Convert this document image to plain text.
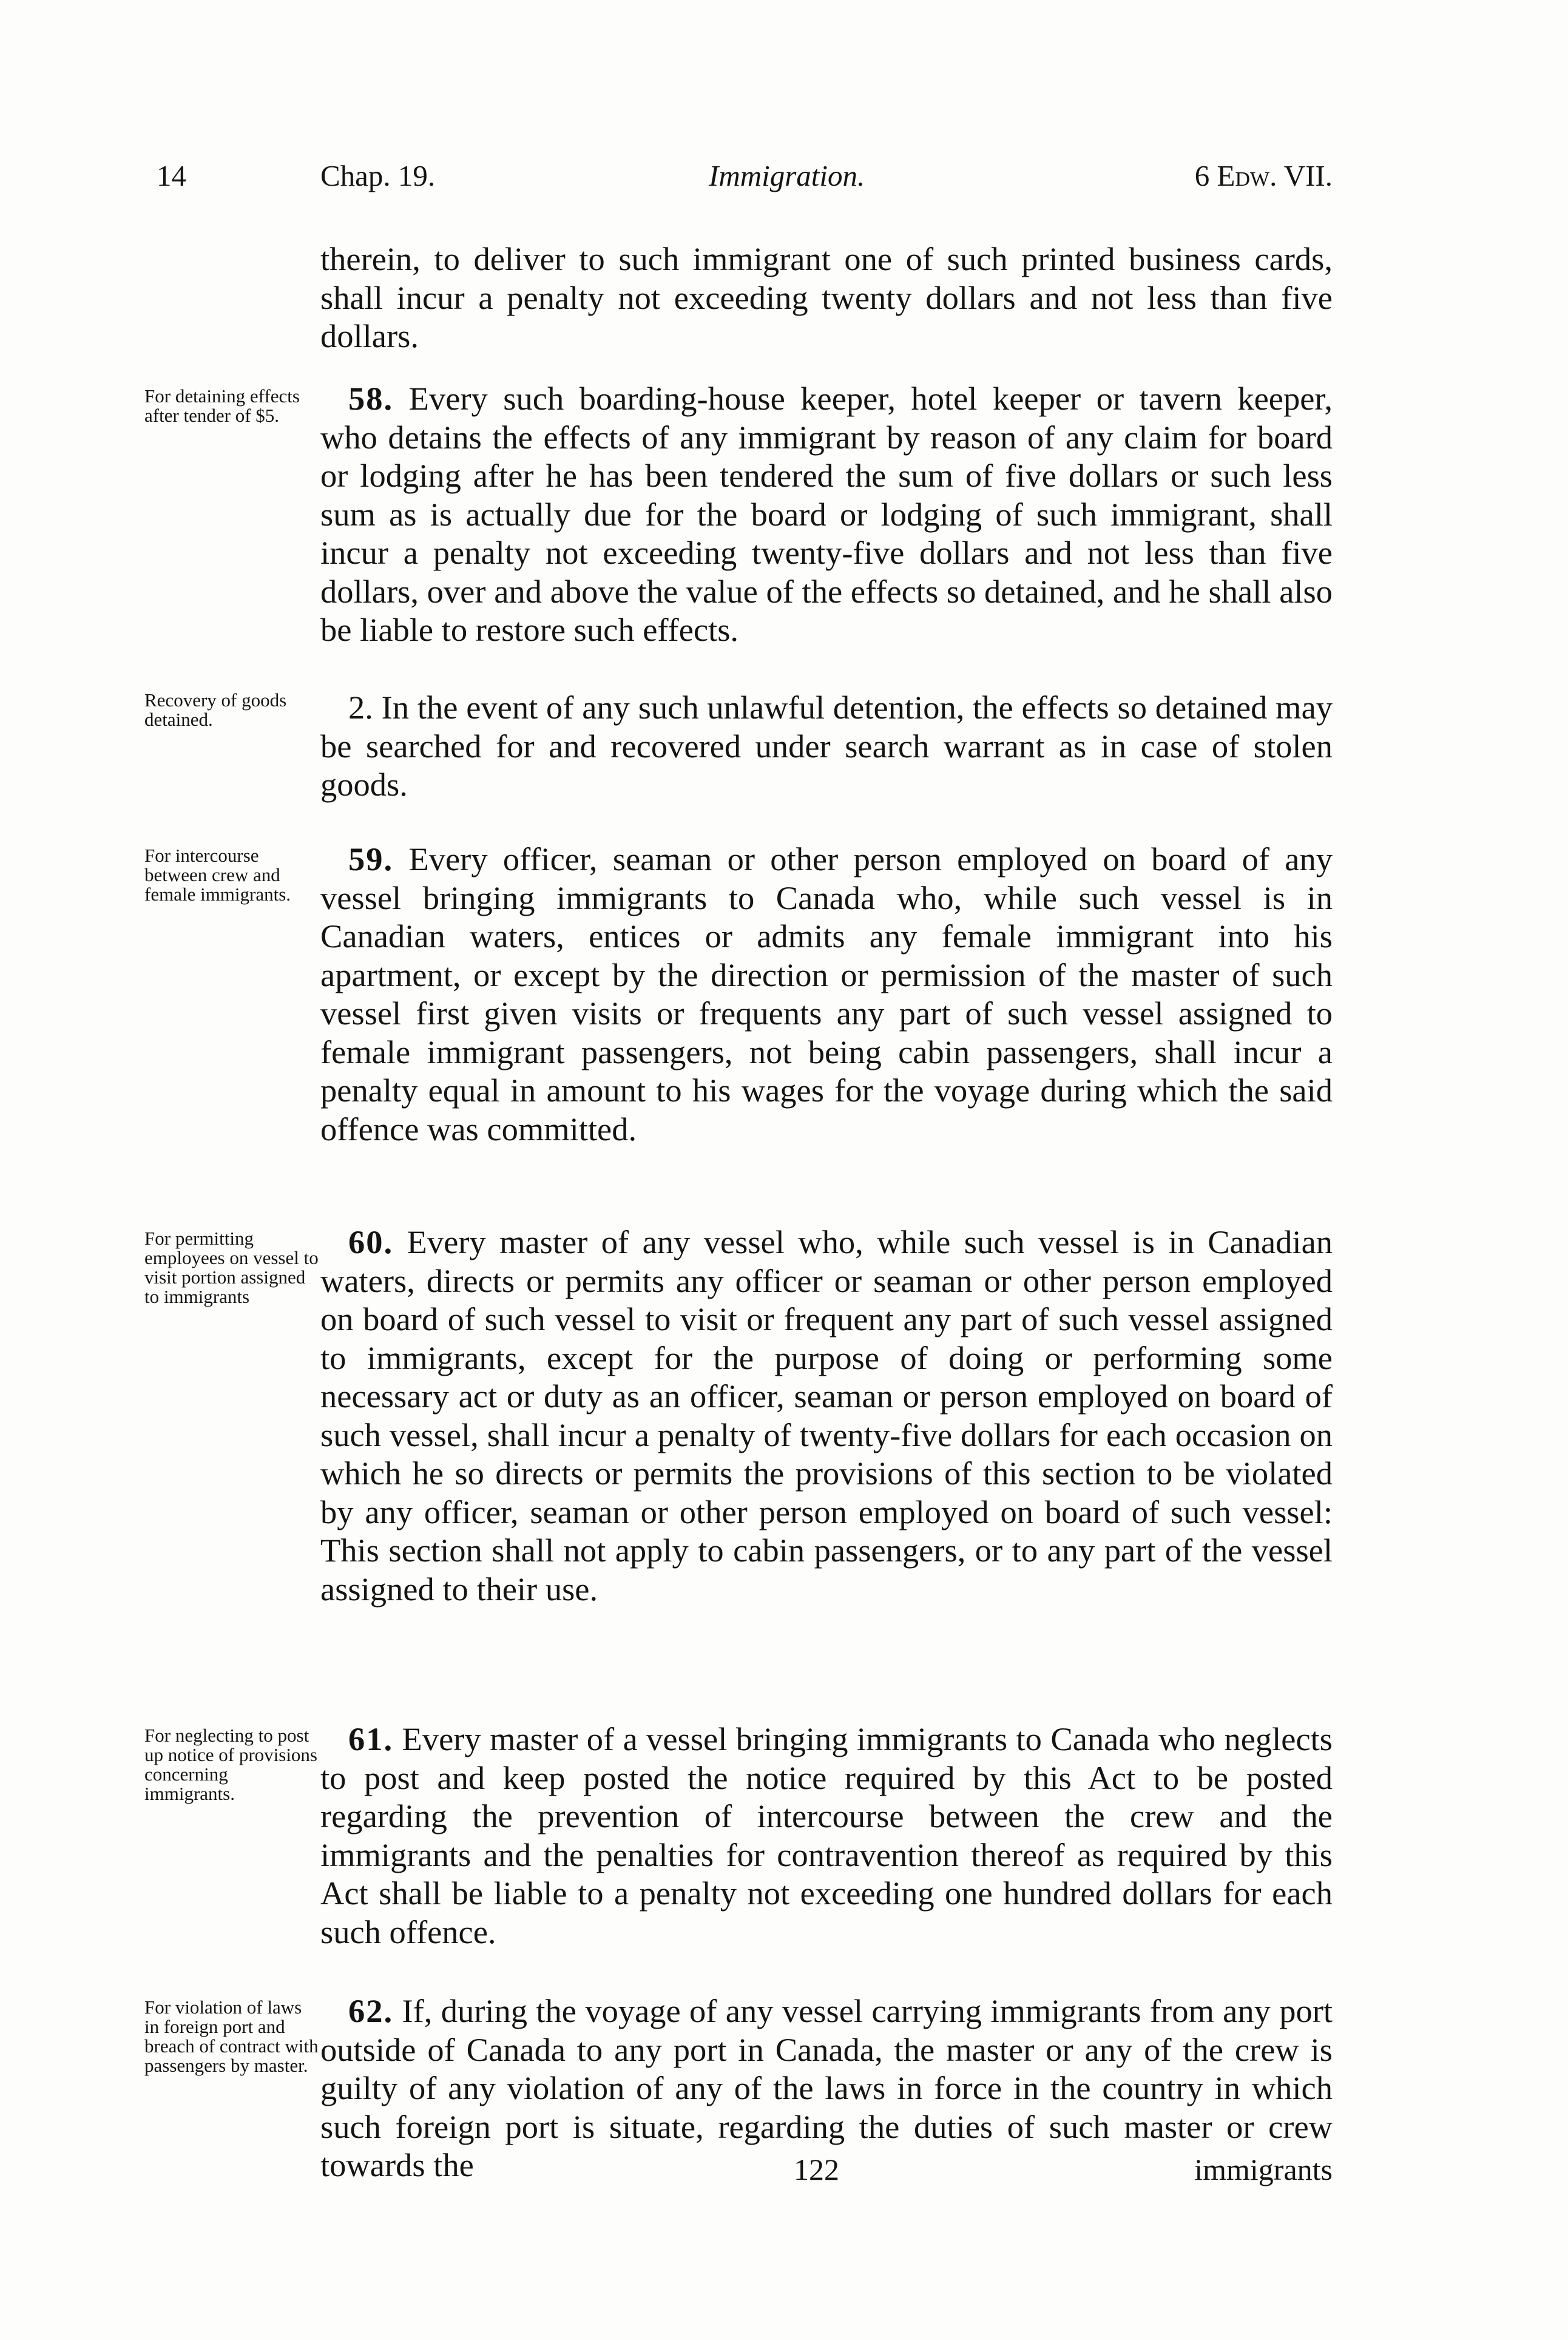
14	Chap. 19.	Immigration.	6 Edw. VII.

therein, to deliver to such immigrant one of such printed business cards, shall incur a penalty not exceeding twenty dollars and not less than five dollars.

For detaining effects after tender of $5.	58. Every such boarding-house keeper, hotel keeper or tavern keeper, who detains the effects of any immigrant by reason of any claim for board or lodging after he has been tendered the sum of five dollars or such less sum as is actually due for the board or lodging of such immigrant, shall incur a penalty not exceeding twenty-five dollars and not less than five dollars, over and above the value of the effects so detained, and he shall also be liable to restore such effects.

Recovery of goods detained.	2. In the event of any such unlawful detention, the effects so detained may be searched for and recovered under search warrant as in case of stolen goods.

For intercourse between crew and female immigrants.

59. Every officer, seaman or other person employed on board of any vessel bringing immigrants to Canada who, while such vessel is in Canadian waters, entices or admits any female immigrant into his apartment, or except by the direction or permission of the master of such vessel first given visits or frequents any part of such vessel assigned to female immigrant passengers, not being cabin passengers, shall incur a penalty equal in amount to his wages for the voyage during which the said offence was committed.

For permitting employees on vessel to visit portion assigned to immigrants

60. Every master of any vessel who, while such vessel is in Canadian waters, directs or permits any officer or seaman or other person employed on board of such vessel to visit or frequent any part of such vessel assigned to immigrants, except for the purpose of doing or performing some necessary act or duty as an officer, seaman or person employed on board of such vessel, shall incur a penalty of twenty-five dollars for each occasion on which he so directs or permits the provisions of this section to be violated by any officer, seaman or other person employed on board of such vessel: This section shall not apply to cabin passengers, or to any part of the vessel assigned to their use.

For neglecting to post up notice of provisions concerning immigrants.

61. Every master of a vessel bringing immigrants to Canada who neglects to post and keep posted the notice required by this Act to be posted regarding the prevention of intercourse between the crew and the immigrants and the penalties for contravention thereof as required by this Act shall be liable to a penalty not exceeding one hundred dollars for each such offence.

For violation of laws in foreign port and breach of contract with passengers by master.

62. If, during the voyage of any vessel carrying immigrants from any port outside of Canada to any port in Canada, the master or any of the crew is guilty of any violation of any of the laws in force in the country in which such foreign port is situate, regarding the duties of such master or crew towards the	122	immigrants
